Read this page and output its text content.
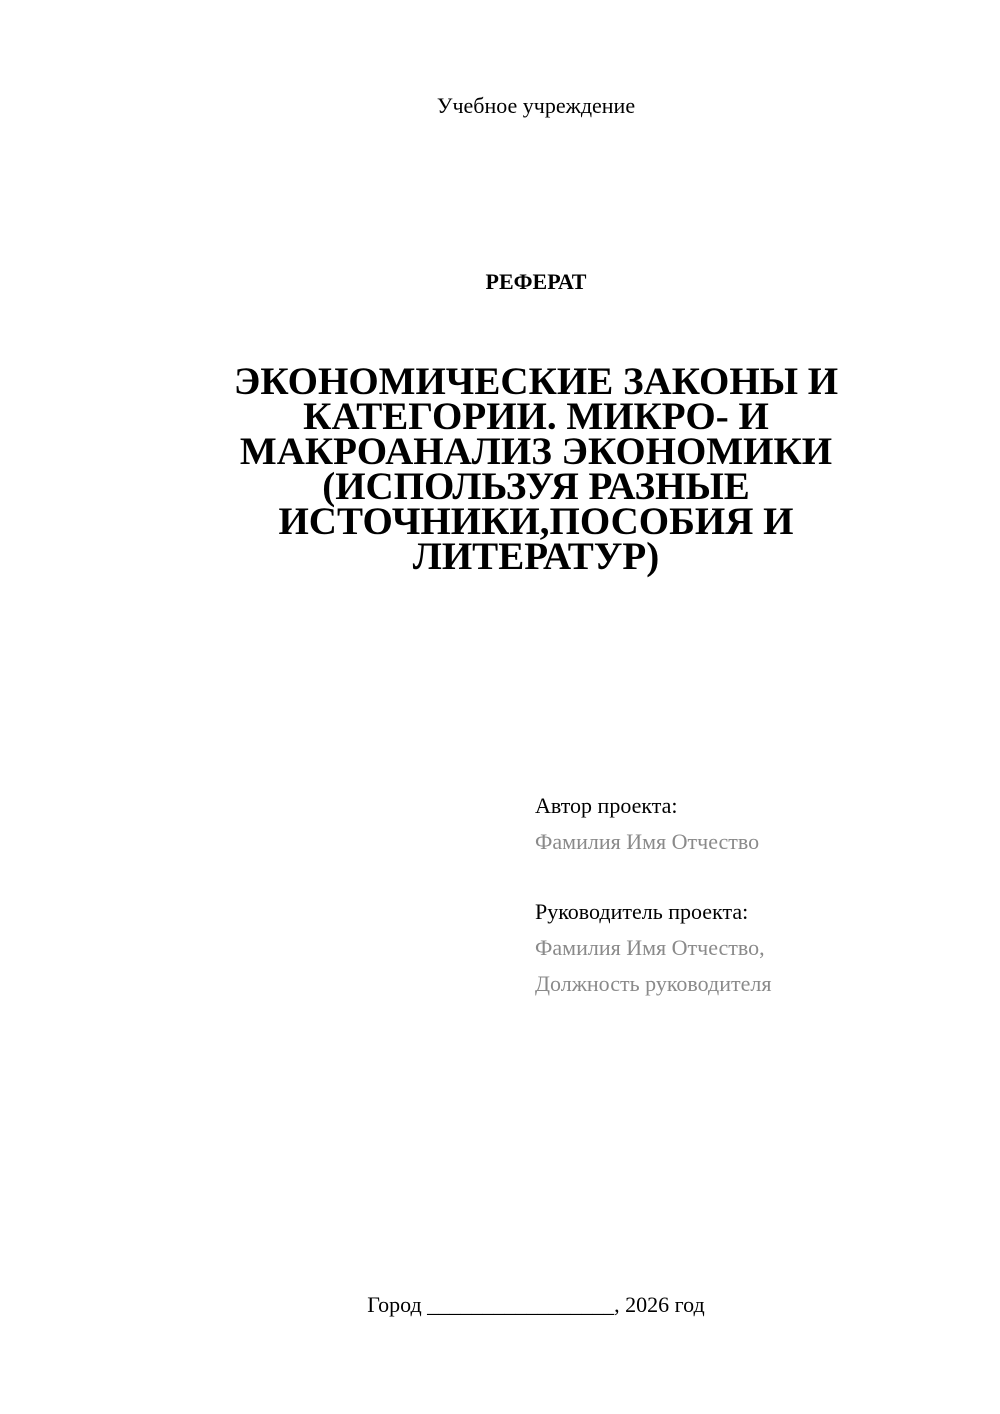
Учебное учреждение
РЕФЕРАТ
ЭКОНОМИЧЕСКИЕ ЗАКОНЫ И
КАТЕГОРИИ. МИКРО- И
МАКРОАНАЛИЗ ЭКОНОМИКИ
(ИСПОЛЬЗУЯ РАЗНЫЕ
ИСТОЧНИКИ,ПОСОБИЯ И
ЛИТЕРАТУР)
Автор проекта:
Фамилия Имя Отчество
Руководитель проекта:
Фамилия Имя Отчество,
Должность руководителя
Город _________________, 2026 год
